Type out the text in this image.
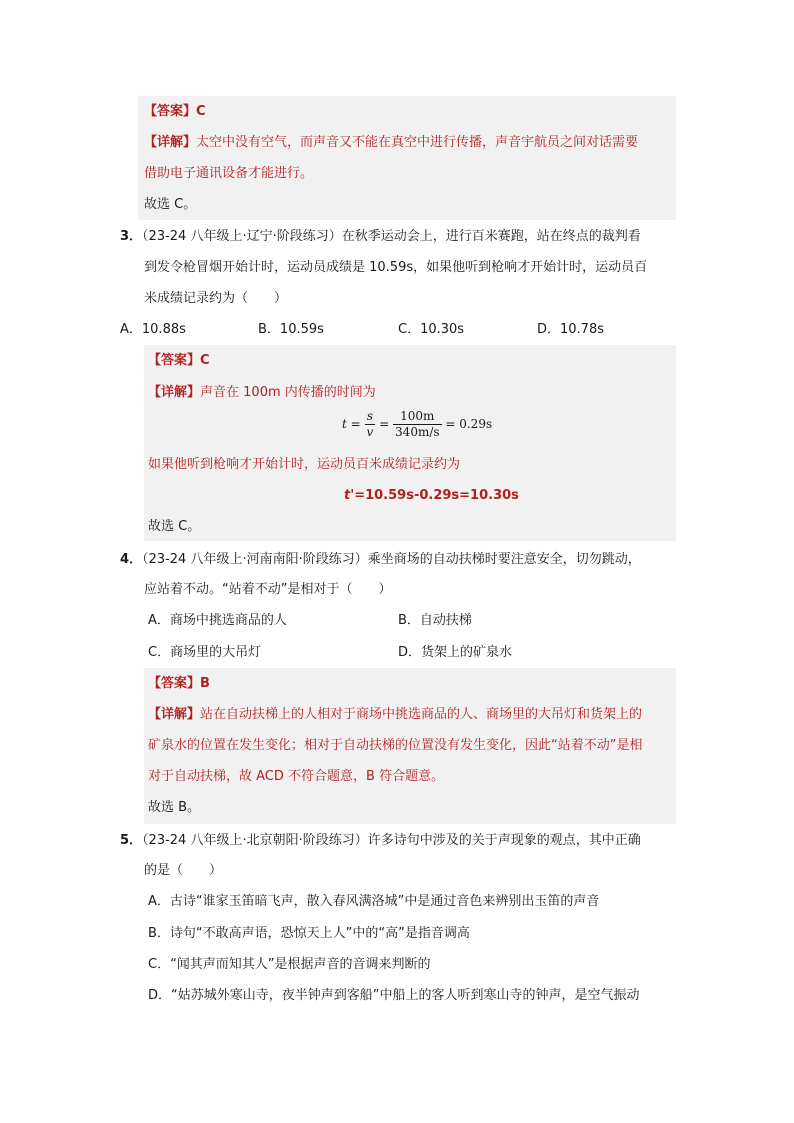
【答案】C
【详解】太空中没有空气，而声音又不能在真空中进行传播，声音宇航员之间对话需要
借助电子通讯设备才能进行。
故选 C。
3．（23-24 八年级上·辽宁·阶段练习）在秋季运动会上，进行百米赛跑，站在终点的裁判看
到发令枪冒烟开始计时，运动员成绩是 10.59s，如果他听到枪响才开始计时，运动员百
米成绩记录约为（　　）
A．10.88s	B．10.59s	C．10.30s	D．10.78s
【答案】C
【详解】声音在 100m 内传播的时间为
$t = \frac{s}{v} = \frac{100m}{340m/s} = 0.29s$
如果他听到枪响才开始计时，运动员百米成绩记录约为
t'=10.59s-0.29s=10.30s
故选 C。
4．（23-24 八年级上·河南南阳·阶段练习）乘坐商场的自动扶梯时要注意安全，切勿跳动，
应站着不动。“站着不动”是相对于（　　）
A．商场中挑选商品的人	B．自动扶梯
C．商场里的大吊灯	D．货架上的矿泉水
【答案】B
【详解】站在自动扶梯上的人相对于商场中挑选商品的人、商场里的大吊灯和货架上的
矿泉水的位置在发生变化；相对于自动扶梯的位置没有发生变化，因此“站着不动”是相
对于自动扶梯，故 ACD 不符合题意，B 符合题意。
故选 B。
5．（23-24 八年级上·北京朝阳·阶段练习）许多诗句中涉及的关于声现象的观点，其中正确
的是（　　）
A．古诗“谁家玉笛暗飞声，散入春风满洛城”中是通过音色来辨别出玉笛的声音
B．诗句“不敢高声语，恐惊天上人”中的“高”是指音调高
C．“闻其声而知其人”是根据声音的音调来判断的
D．“姑苏城外寒山寺，夜半钟声到客船”中船上的客人听到寒山寺的钟声，是空气振动
